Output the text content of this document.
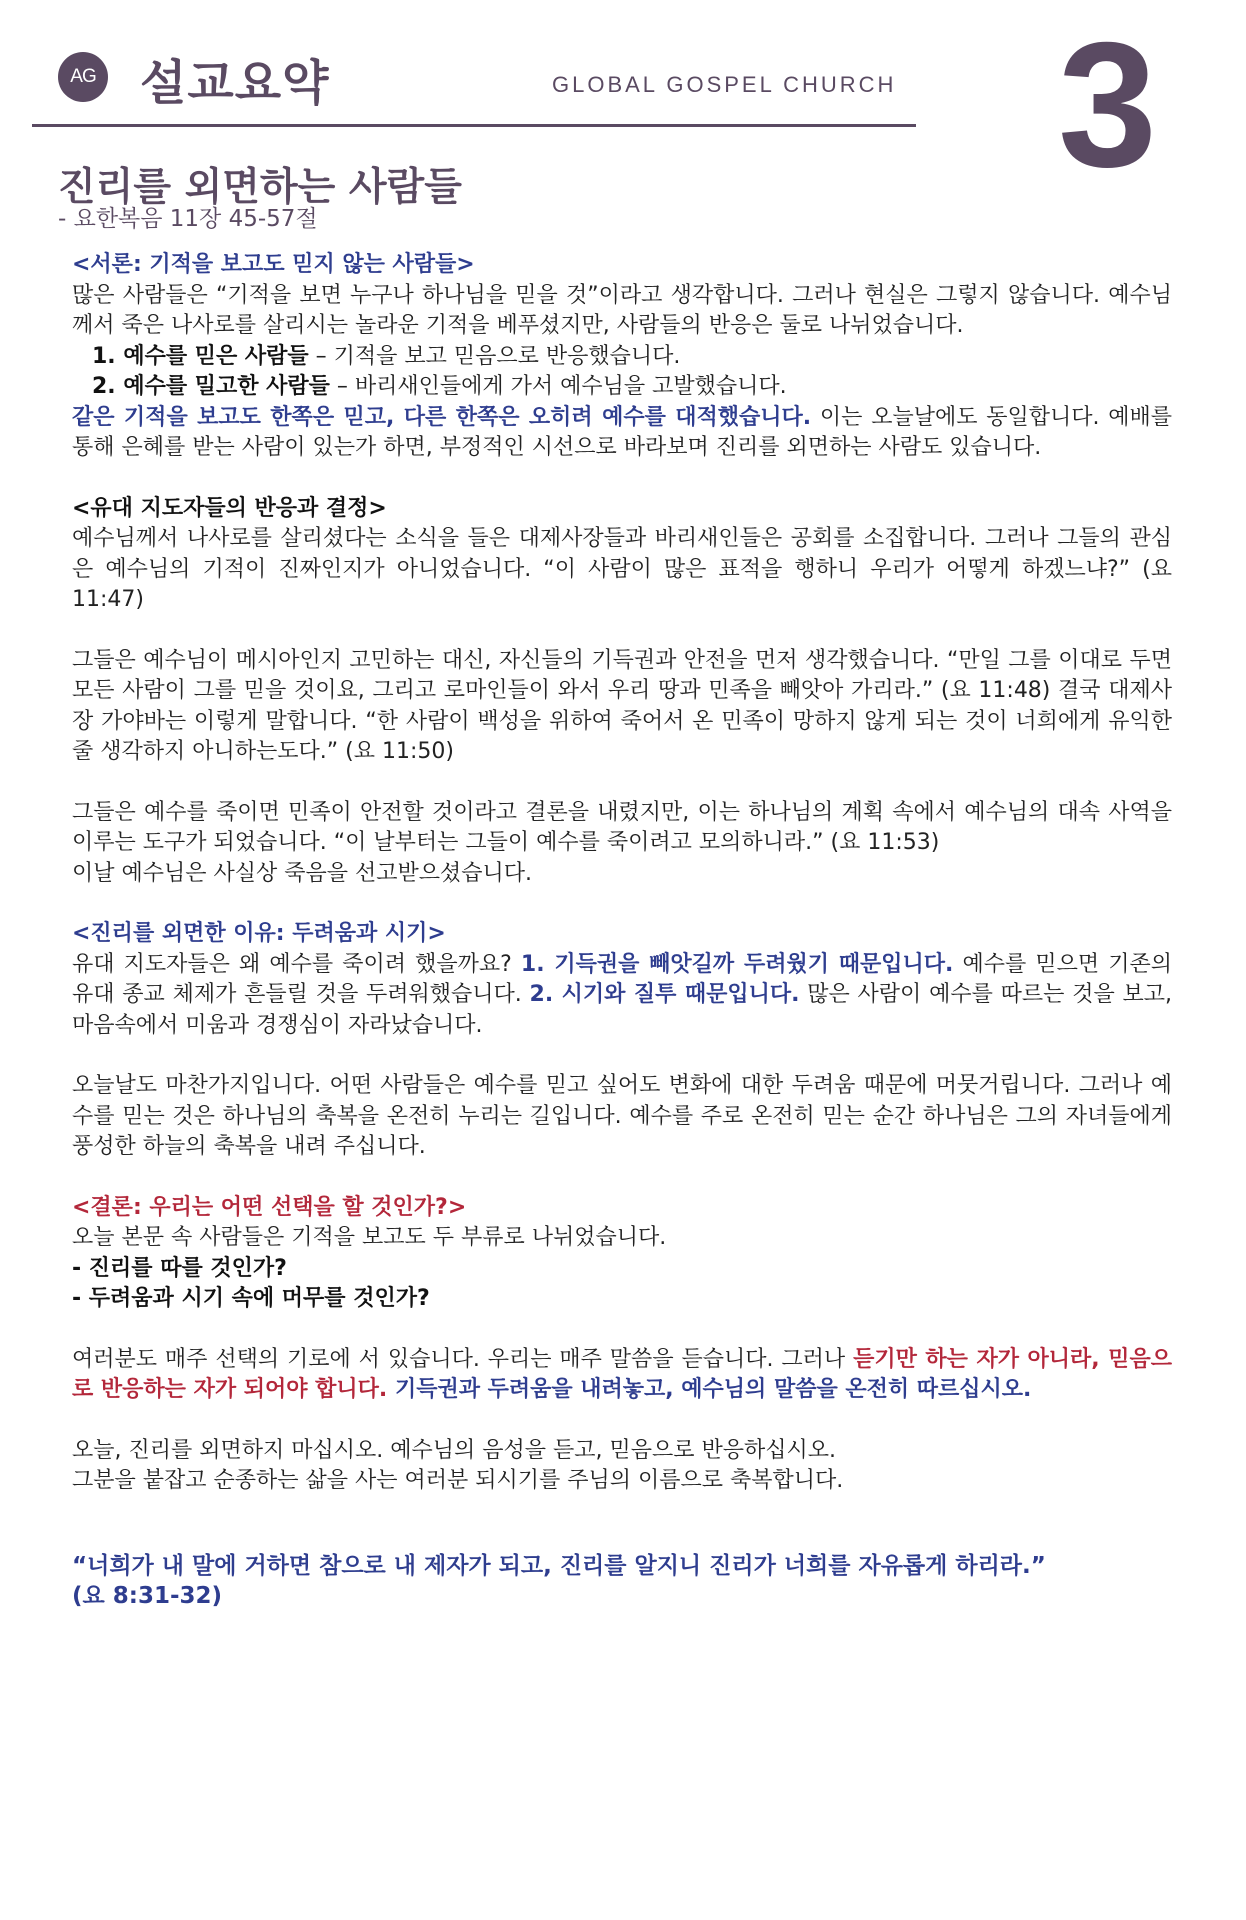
AG 설교요약	GLOBAL GOSPEL CHURCH 3
진리를 외면하는 사람들
- 요한복음 11장 45-57절

<서론: 기적을 보고도 믿지 않는 사람들>

많은 사람들은 “기적을 보면 누구나 하나님을 믿을 것”이라고 생각합니다. 그러나 현실은 그렇지 않습니다. 예수님께서 죽은 나사로를 살리시는 놀라운 기적을 베푸셨지만, 사람들의 반응은 둘로 나뉘었습니다.

1. 예수를 믿은 사람들 – 기적을 보고 믿음으로 반응했습니다.

2. 예수를 밀고한 사람들 – 바리새인들에게 가서 예수님을 고발했습니다.

같은 기적을 보고도 한쪽은 믿고, 다른 한쪽은 오히려 예수를 대적했습니다. 이는 오늘날에도 동일합니다. 예배를 통해 은혜를 받는 사람이 있는가 하면, 부정적인 시선으로 바라보며 진리를 외면하는 사람도 있습니다.

<유대 지도자들의 반응과 결정>

예수님께서 나사로를 살리셨다는 소식을 들은 대제사장들과 바리새인들은 공회를 소집합니다. 그러나 그들의 관심은 예수님의 기적이 진짜인지가 아니었습니다. “이 사람이 많은 표적을 행하니 우리가 어떻게 하겠느냐?” (요 11:47)

그들은 예수님이 메시아인지 고민하는 대신, 자신들의 기득권과 안전을 먼저 생각했습니다. “만일 그를 이대로 두면 모든 사람이 그를 믿을 것이요, 그리고 로마인들이 와서 우리 땅과 민족을 빼앗아 가리라.” (요 11:48) 결국 대제사장 가야바는 이렇게 말합니다. “한 사람이 백성을 위하여 죽어서 온 민족이 망하지 않게 되는 것이 너희에게 유익한 줄 생각하지 아니하는도다.” (요 11:50)

그들은 예수를 죽이면 민족이 안전할 것이라고 결론을 내렸지만, 이는 하나님의 계획 속에서 예수님의 대속 사역을 이루는 도구가 되었습니다. “이 날부터는 그들이 예수를 죽이려고 모의하니라.” (요 11:53)

이날 예수님은 사실상 죽음을 선고받으셨습니다.

<진리를 외면한 이유: 두려움과 시기>

유대 지도자들은 왜 예수를 죽이려 했을까요? 1. 기득권을 빼앗길까 두려웠기 때문입니다. 예수를 믿으면 기존의 유대 종교 체제가 흔들릴 것을 두려워했습니다. 2. 시기와 질투 때문입니다. 많은 사람이 예수를 따르는 것을 보고, 마음속에서 미움과 경쟁심이 자라났습니다.

오늘날도 마찬가지입니다. 어떤 사람들은 예수를 믿고 싶어도 변화에 대한 두려움 때문에 머뭇거립니다. 그러나 예수를 믿는 것은 하나님의 축복을 온전히 누리는 길입니다. 예수를 주로 온전히 믿는 순간 하나님은 그의 자녀들에게 풍성한 하늘의 축복을 내려 주십니다.

<결론: 우리는 어떤 선택을 할 것인가?>

오늘 본문 속 사람들은 기적을 보고도 두 부류로 나뉘었습니다.

- 진리를 따를 것인가?

- 두려움과 시기 속에 머무를 것인가?

여러분도 매주 선택의 기로에 서 있습니다. 우리는 매주 말씀을 듣습니다. 그러나 듣기만 하는 자가 아니라, 믿음으로 반응하는 자가 되어야 합니다. 기득권과 두려움을 내려놓고, 예수님의 말씀을 온전히 따르십시오.

오늘, 진리를 외면하지 마십시오. 예수님의 음성을 듣고, 믿음으로 반응하십시오.

그분을 붙잡고 순종하는 삶을 사는 여러분 되시기를 주님의 이름으로 축복합니다.

“너희가 내 말에 거하면 참으로 내 제자가 되고, 진리를 알지니 진리가 너희를 자유롭게 하리라.”

(요 8:31-32)
